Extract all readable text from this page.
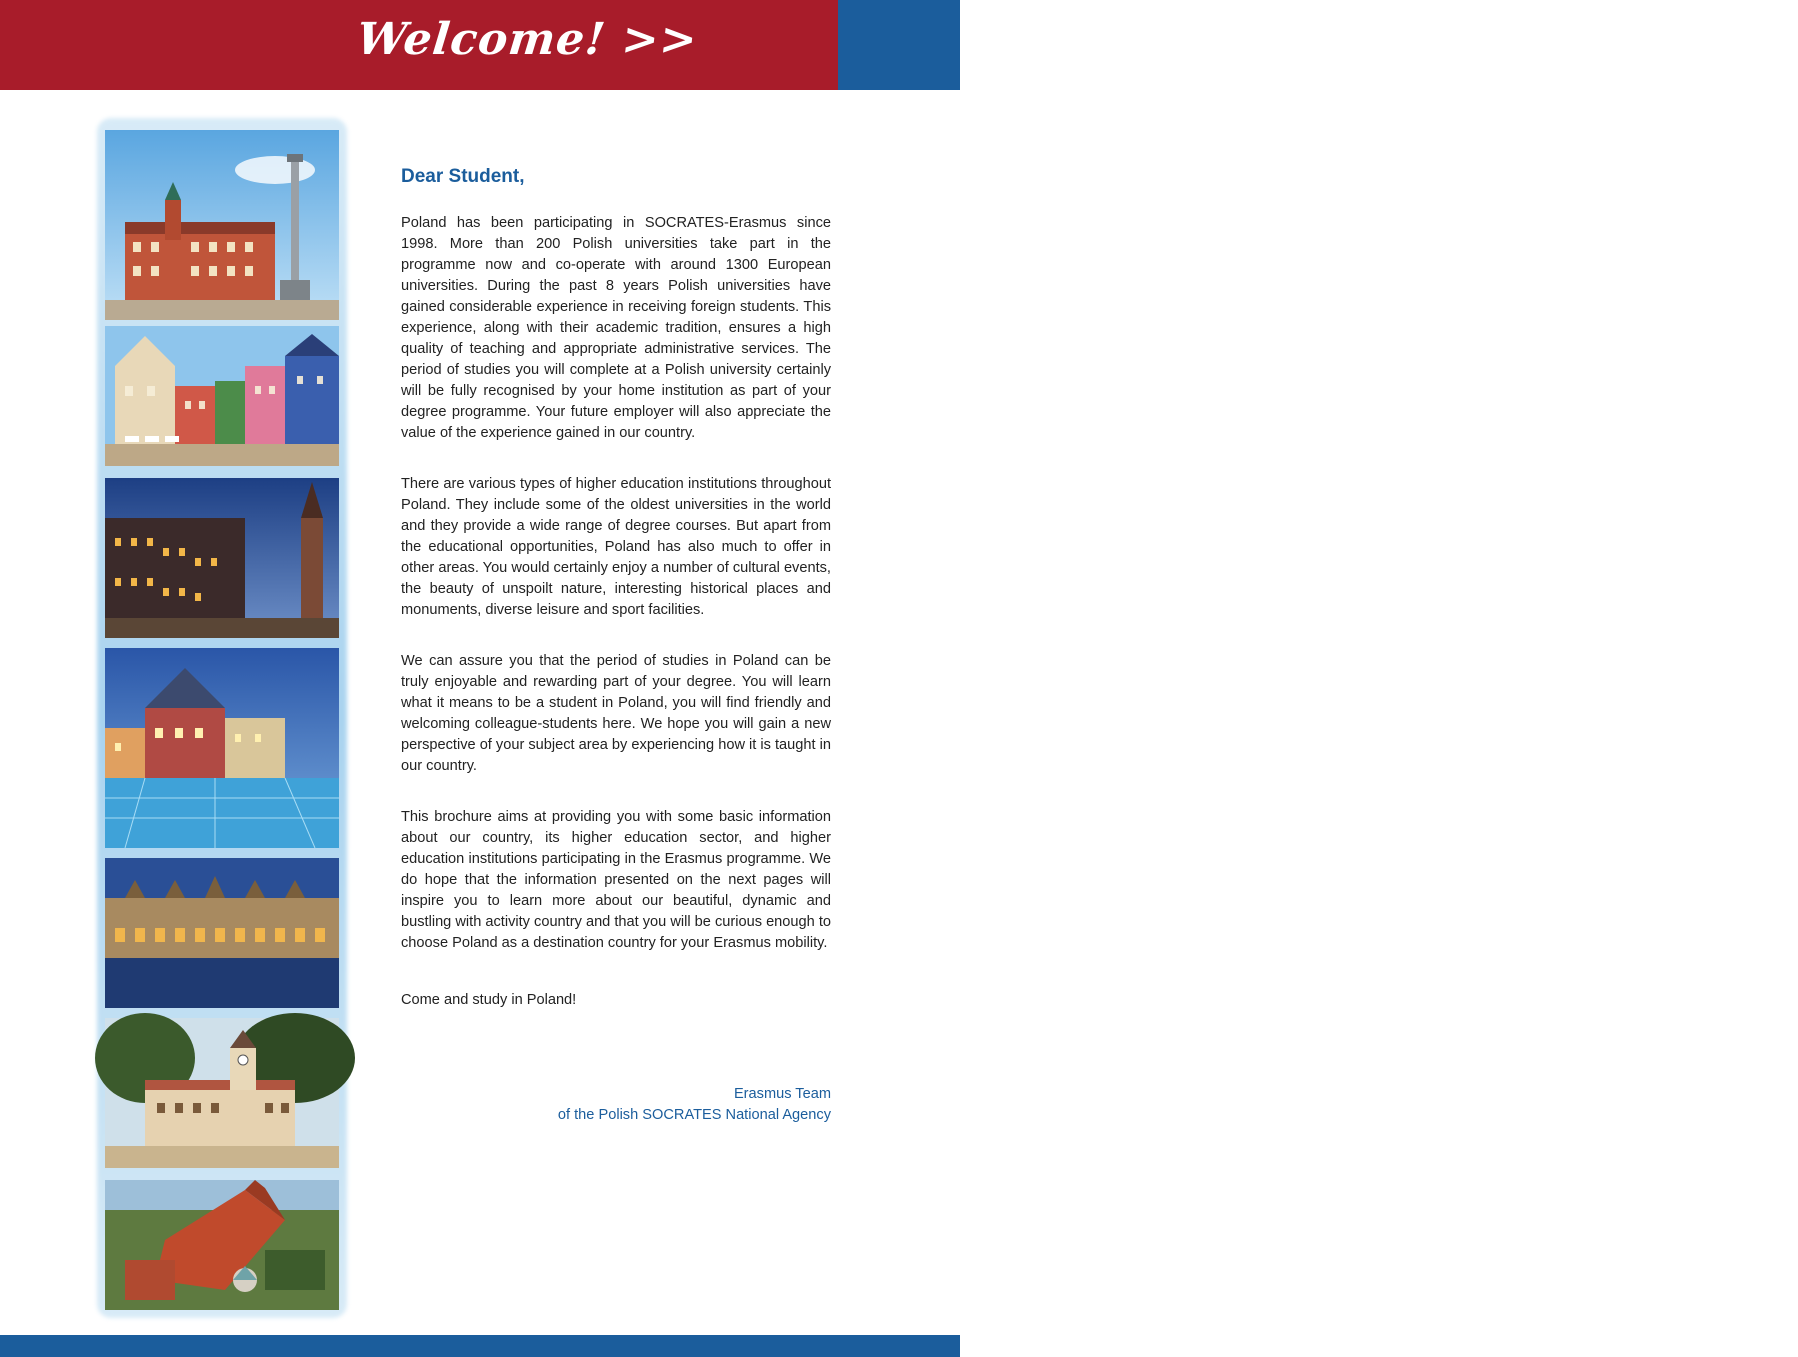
Welcome! >>	1

Dear Student,

Poland has been participating in SOCRATES-Erasmus since 1998. More than 200 Polish universities take part in the programme now and co-operate with around 1300 European universities. During the past 8 years Polish universities have gained considerable experience in receiving foreign students. This experience, along with their academic tradition, ensures a high quality of teaching and appropriate administrative services. The period of studies you will complete at a Polish university certainly will be fully recognised by your home institution as part of your degree programme. Your future employer will also appreciate the value of the experience gained in our country.

There are various types of higher education institutions throughout Poland. They include some of the oldest universities in the world and they provide a wide range of degree courses. But apart from the educational opportunities, Poland has also much to offer in other areas. You would certainly enjoy a number of cultural events, the beauty of unspoilt nature, interesting historical places and monuments, diverse leisure and sport facilities.

We can assure you that the period of studies in Poland can be truly enjoyable and rewarding part of your degree. You will learn what it means to be a student in Poland, you will find friendly and welcoming colleague-students here. We hope you will gain a new perspective of your subject area by experiencing how it is taught in our country.

This brochure aims at providing you with some basic information about our country, its higher education sector, and higher education institutions participating in the Erasmus programme. We do hope that the information presented on the next pages will inspire you to learn more about our beautiful, dynamic and bustling with activity country and that you will be curious enough to choose Poland as a destination country for your Erasmus mobility.

Come and study in Poland!

Erasmus Team
of the Polish SOCRATES National Agency
